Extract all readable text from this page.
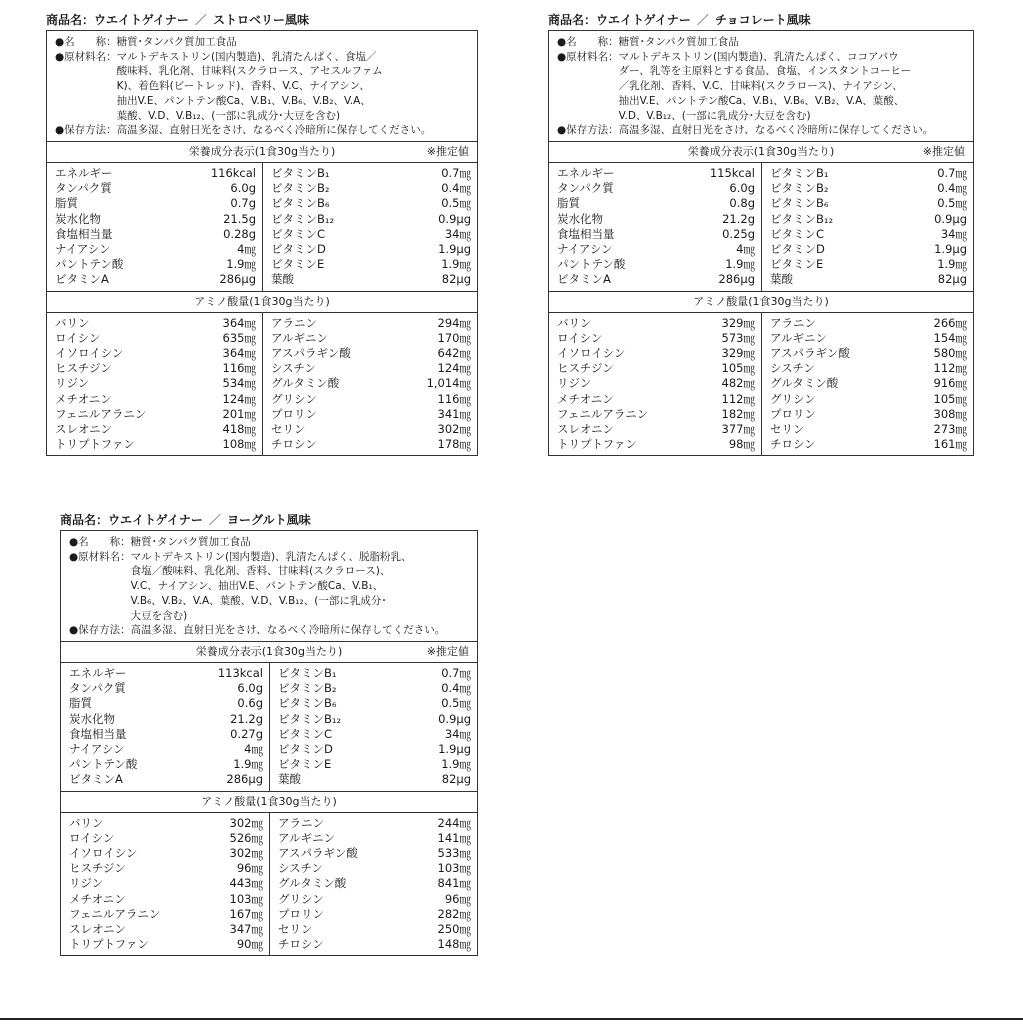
商品名：ウエイトゲイナー ／ ストロベリー風味
●名　　称： 糖質･タンパク質加工食品
●原材料名： マルトデキストリン(国内製造)、乳清たんぱく、食塩／
酸味料、乳化剤、甘味料(スクラロース、アセスルファム
K)、着色料(ビートレッド)、香料、V.C、ナイアシン、
抽出V.E、パントテン酸Ca、V.B₁、V.B₆、V.B₂、V.A、
葉酸、V.D、V.B₁₂、(一部に乳成分･大豆を含む)
●保存方法： 高温多湿、直射日光をさけ、なるべく冷暗所に保存してください。
栄養成分表示(1食30g当たり)	※推定値
エネルギー	116kcal
タンパク質	6.0g
脂質	0.7g
炭水化物	21.5g
食塩相当量	0.28g
ナイアシン	4㎎
パントテン酸	1.9㎎
ビタミンA	286μg
ビタミンB₁	0.7㎎
ビタミンB₂	0.4㎎
ビタミンB₆	0.5㎎
ビタミンB₁₂	0.9μg
ビタミンC	34㎎
ビタミンD	1.9μg
ビタミンE	1.9㎎
葉酸	82μg
アミノ酸量(1食30g当たり)
バリン	364㎎
ロイシン	635㎎
イソロイシン	364㎎
ヒスチジン	116㎎
リジン	534㎎
メチオニン	124㎎
フェニルアラニン	201㎎
スレオニン	418㎎
トリプトファン	108㎎
アラニン	294㎎
アルギニン	170㎎
アスパラギン酸	642㎎
シスチン	124㎎
グルタミン酸	1,014㎎
グリシン	116㎎
プロリン	341㎎
セリン	302㎎
チロシン	178㎎
商品名：ウエイトゲイナー ／ チョコレート風味
●名　　称： 糖質･タンパク質加工食品
●原材料名： マルトデキストリン(国内製造)、乳清たんぱく、ココアパウ
ダー、乳等を主原料とする食品、食塩、インスタントコーヒー
／乳化剤、香料、V.C、甘味料(スクラロース)、ナイアシン、
抽出V.E、パントテン酸Ca、V.B₁、V.B₆、V.B₂、V.A、葉酸、
V.D、V.B₁₂、(一部に乳成分･大豆を含む)
●保存方法： 高温多湿、直射日光をさけ、なるべく冷暗所に保存してください。
栄養成分表示(1食30g当たり)	※推定値
エネルギー	115kcal
タンパク質	6.0g
脂質	0.8g
炭水化物	21.2g
食塩相当量	0.25g
ナイアシン	4㎎
パントテン酸	1.9㎎
ビタミンA	286μg
ビタミンB₁	0.7㎎
ビタミンB₂	0.4㎎
ビタミンB₆	0.5㎎
ビタミンB₁₂	0.9μg
ビタミンC	34㎎
ビタミンD	1.9μg
ビタミンE	1.9㎎
葉酸	82μg
アミノ酸量(1食30g当たり)
バリン	329㎎
ロイシン	573㎎
イソロイシン	329㎎
ヒスチジン	105㎎
リジン	482㎎
メチオニン	112㎎
フェニルアラニン	182㎎
スレオニン	377㎎
トリプトファン	98㎎
アラニン	266㎎
アルギニン	154㎎
アスパラギン酸	580㎎
シスチン	112㎎
グルタミン酸	916㎎
グリシン	105㎎
プロリン	308㎎
セリン	273㎎
チロシン	161㎎
商品名：ウエイトゲイナー ／ ヨーグルト風味
●名　　称： 糖質･タンパク質加工食品
●原材料名： マルトデキストリン(国内製造)、乳清たんぱく、脱脂粉乳、
食塩／酸味料、乳化剤、香料、甘味料(スクラロース)、
V.C、ナイアシン、抽出V.E、パントテン酸Ca、V.B₁、
V.B₆、V.B₂、V.A、葉酸、V.D、V.B₁₂、(一部に乳成分･
大豆を含む)
●保存方法： 高温多湿、直射日光をさけ、なるべく冷暗所に保存してください。
栄養成分表示(1食30g当たり)	※推定値
エネルギー	113kcal
タンパク質	6.0g
脂質	0.6g
炭水化物	21.2g
食塩相当量	0.27g
ナイアシン	4㎎
パントテン酸	1.9㎎
ビタミンA	286μg
ビタミンB₁	0.7㎎
ビタミンB₂	0.4㎎
ビタミンB₆	0.5㎎
ビタミンB₁₂	0.9μg
ビタミンC	34㎎
ビタミンD	1.9μg
ビタミンE	1.9㎎
葉酸	82μg
アミノ酸量(1食30g当たり)
バリン	302㎎
ロイシン	526㎎
イソロイシン	302㎎
ヒスチジン	96㎎
リジン	443㎎
メチオニン	103㎎
フェニルアラニン	167㎎
スレオニン	347㎎
トリプトファン	90㎎
アラニン	244㎎
アルギニン	141㎎
アスパラギン酸	533㎎
シスチン	103㎎
グルタミン酸	841㎎
グリシン	96㎎
プロリン	282㎎
セリン	250㎎
チロシン	148㎎
